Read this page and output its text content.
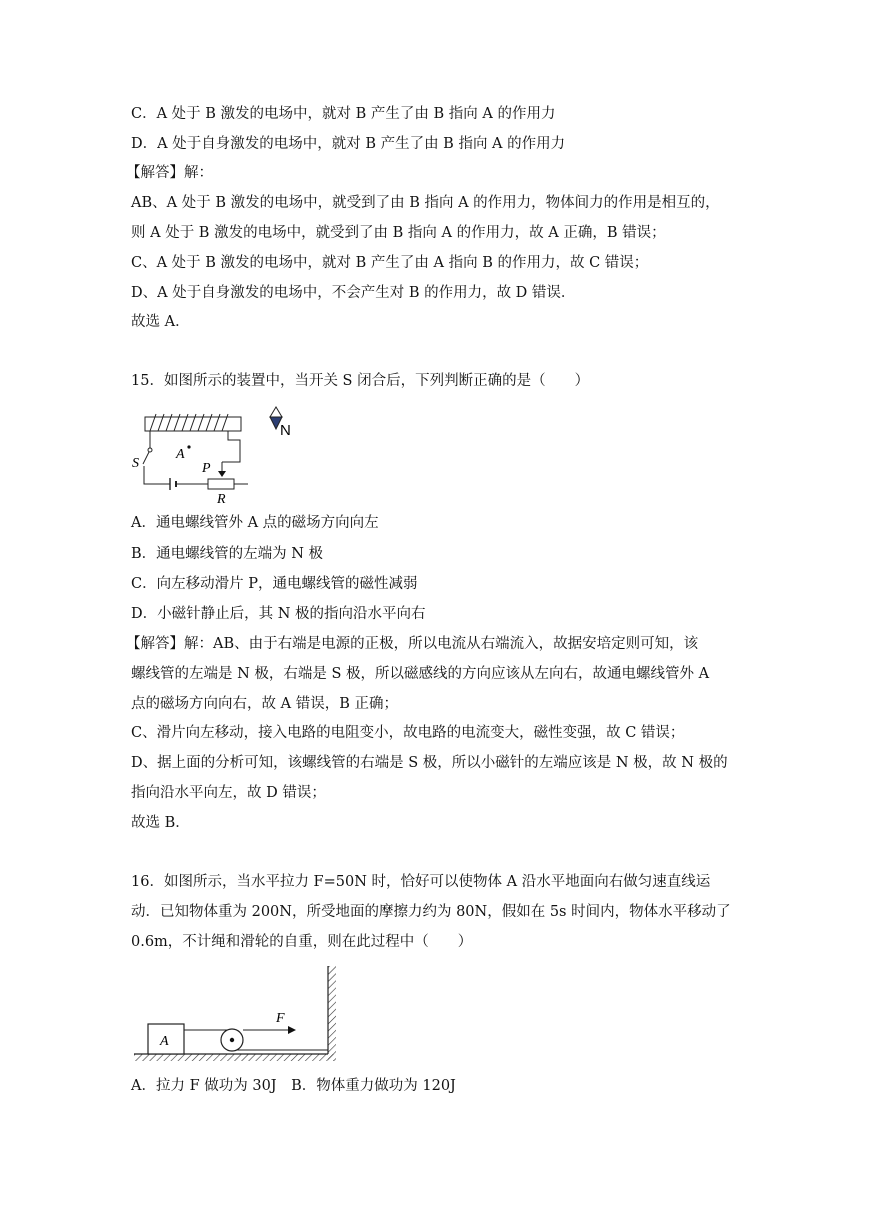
C．A 处于 B 激发的电场中，就对 B 产生了由 B 指向 A 的作用力
D．A 处于自身激发的电场中，就对 B 产生了由 B 指向 A 的作用力
【解答】解：
AB、A 处于 B 激发的电场中，就受到了由 B 指向 A 的作用力，物体间力的作用是相互的，
则 A 处于 B 激发的电场中，就受到了由 B 指向 A 的作用力，故 A 正确，B 错误；
C、A 处于 B 激发的电场中，就对 B 产生了由 A 指向 B 的作用力，故 C 错误；
D、A 处于自身激发的电场中，不会产生对 B 的作用力，故 D 错误．
故选 A．
15．如图所示的装置中，当开关 S 闭合后，下列判断正确的是（　　）
S
A
P
R
N
A．通电螺线管外 A 点的磁场方向向左
B．通电螺线管的左端为 N 极
C．向左移动滑片 P，通电螺线管的磁性减弱
D．小磁针静止后，其 N 极的指向沿水平向右
【解答】解：AB、由于右端是电源的正极，所以电流从右端流入，故据安培定则可知，该
螺线管的左端是 N 极，右端是 S 极，所以磁感线的方向应该从左向右，故通电螺线管外 A
点的磁场方向向右，故 A 错误，B 正确；
C、滑片向左移动，接入电路的电阻变小，故电路的电流变大，磁性变强，故 C 错误；
D、据上面的分析可知，该螺线管的右端是 S 极，所以小磁针的左端应该是 N 极，故 N 极的
指向沿水平向左，故 D 错误；
故选 B．
16．如图所示，当水平拉力 F=50N 时，恰好可以使物体 A 沿水平地面向右做匀速直线运
动．已知物体重为 200N，所受地面的摩擦力约为 80N，假如在 5s 时间内，物体水平移动了
0.6m，不计绳和滑轮的自重，则在此过程中（　　）
A
F
A．拉力 F 做功为 30J　B．物体重力做功为 120J
